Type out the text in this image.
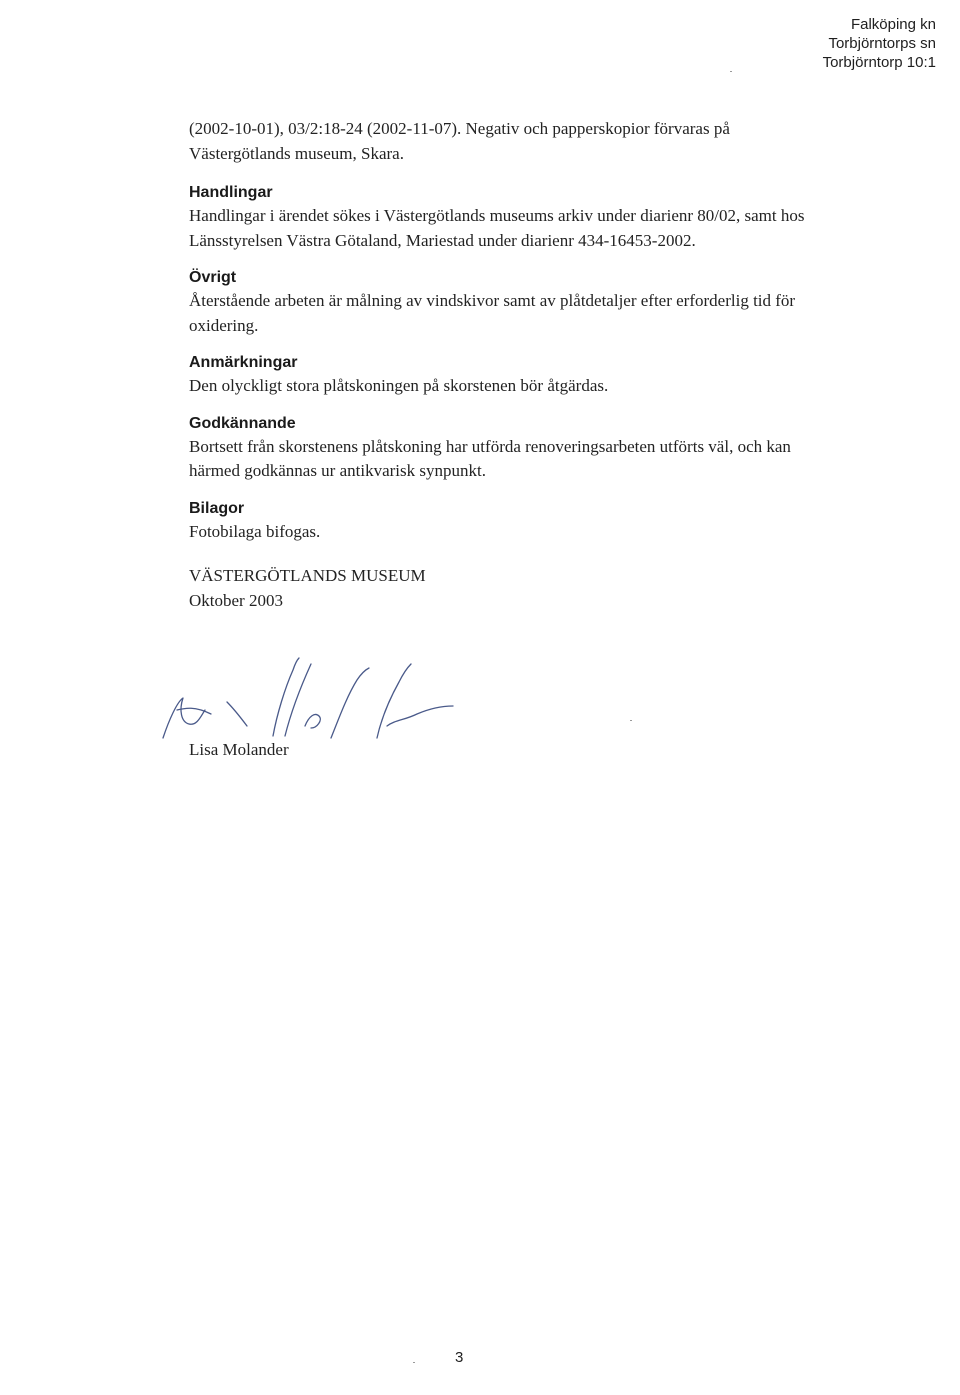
Falköping kn
Torbjörntorps sn
Torbjörntorp 10:1

(2002-10-01), 03/2:18-24 (2002-11-07). Negativ och papperskopior förvaras på Västergötlands museum, Skara.

Handlingar

Handlingar i ärendet sökes i Västergötlands museums arkiv under diarienr 80/02, samt hos Länsstyrelsen Västra Götaland, Mariestad under diarienr 434-16453-2002.

Övrigt

Återstående arbeten är målning av vindskivor samt av plåtdetaljer efter erforderlig tid för oxidering.

Anmärkningar

Den olyckligt stora plåtskoningen på skorstenen bör åtgärdas.

Godkännande

Bortsett från skorstenens plåtskoning har utförda renoveringsarbeten utförts väl, och kan härmed godkännas ur antikvarisk synpunkt.

Bilagor

Fotobilaga bifogas.

VÄSTERGÖTLANDS MUSEUM

Oktober 2003

Lisa Molander

3
